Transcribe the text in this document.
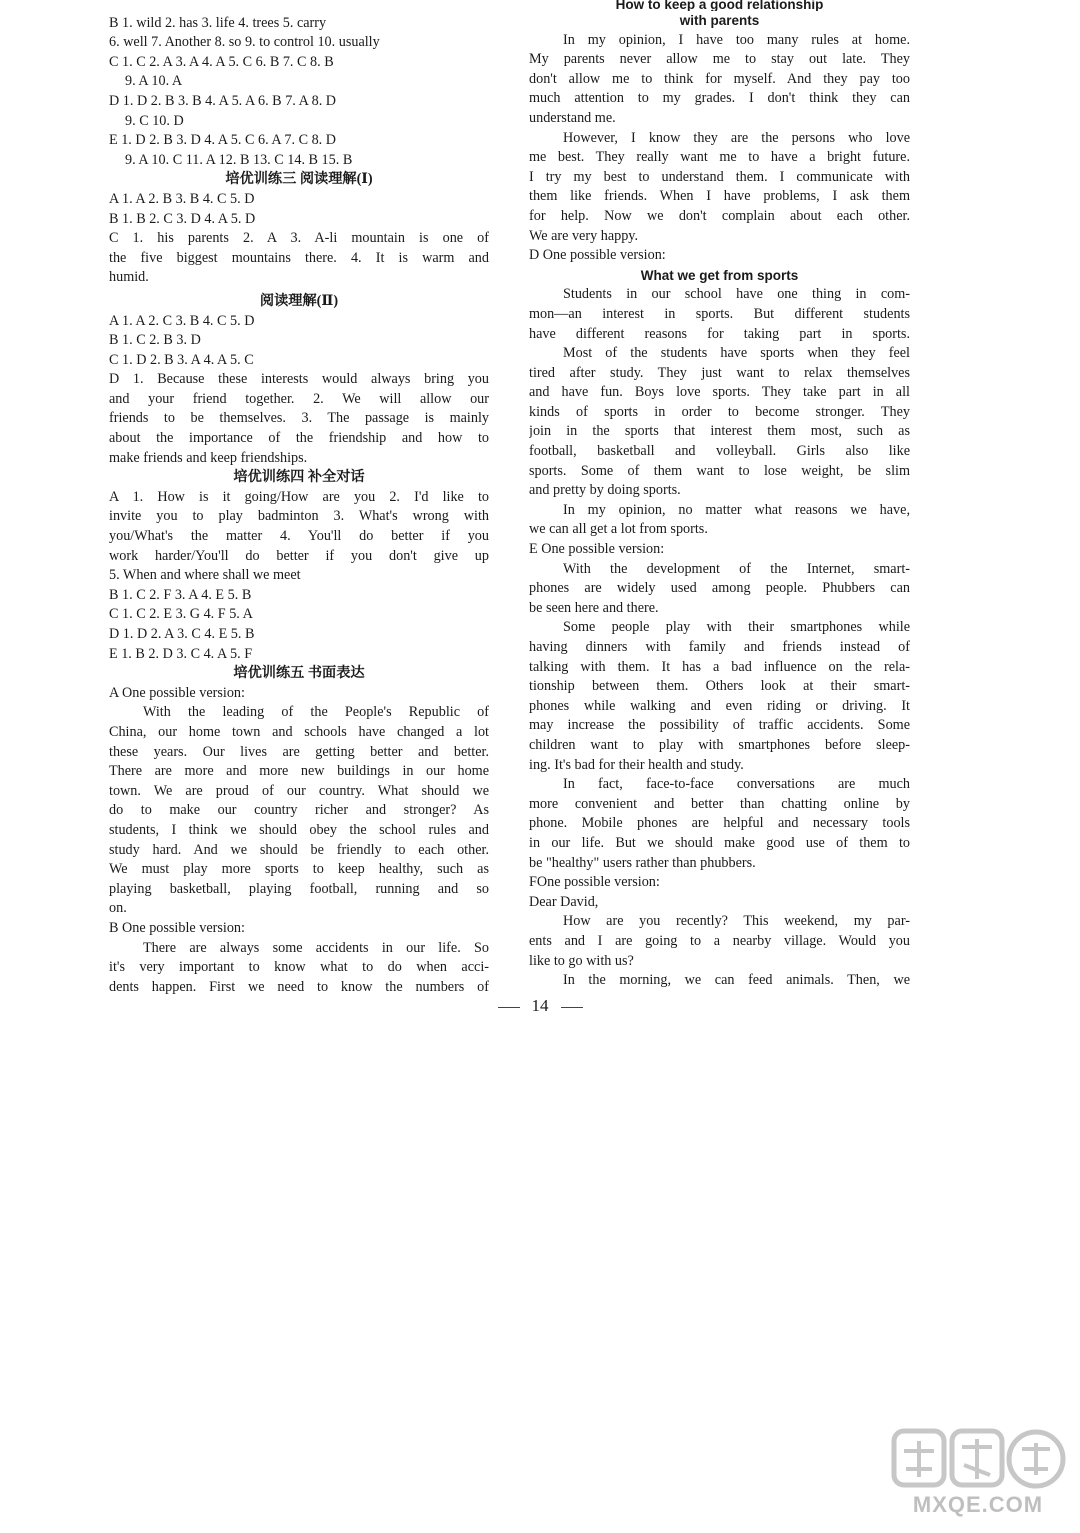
B 1. wild 2. has 3. life 4. trees 5. carry
6. well 7. Another 8. so 9. to control 10. usually
C 1. C 2. A 3. A 4. A 5. C 6. B 7. C 8. B
9. A 10. A
D 1. D 2. B 3. B 4. A 5. A 6. B 7. A 8. D
9. C 10. D
E 1. D 2. B 3. D 4. A 5. C 6. A 7. C 8. D
9. A 10. C 11. A 12. B 13. C 14. B 15. B
培优训练三 阅读理解(Ⅰ)
A 1. A 2. B 3. B 4. C 5. D
B 1. B 2. C 3. D 4. A 5. D
C 1. his parents 2. A 3. A-li mountain is one of
the five biggest mountains there. 4. It is warm and
humid.
阅读理解(Ⅱ)
A 1. A 2. C 3. B 4. C 5. D
B 1. C 2. B 3. D
C 1. D 2. B 3. A 4. A 5. C
D 1. Because these interests would always bring you
and your friend together. 2. We will allow our
friends to be themselves. 3. The passage is mainly
about the importance of the friendship and how to
make friends and keep friendships.
培优训练四 补全对话
A 1. How is it going/How are you 2. I'd like to
invite you to play badminton 3. What's wrong with
you/What's the matter 4. You'll do better if you
work harder/You'll do better if you don't give up
5. When and where shall we meet
B 1. C 2. F 3. A 4. E 5. B
C 1. C 2. E 3. G 4. F 5. A
D 1. D 2. A 3. C 4. E 5. B
E 1. B 2. D 3. C 4. A 5. F
培优训练五 书面表达
A One possible version:
With the leading of the People's Republic of
China, our home town and schools have changed a lot
these years. Our lives are getting better and better.
There are more and more new buildings in our home
town. We are proud of our country. What should we
do to make our country richer and stronger? As
students, I think we should obey the school rules and
study hard. And we should be friendly to each other.
We must play more sports to keep healthy, such as
playing basketball, playing football, running and so
on.
B One possible version:
There are always some accidents in our life. So
it's very important to know what to do when acci-
dents happen. First we need to know the numbers of
How to keep a good relationship
with parents
In my opinion, I have too many rules at home.
My parents never allow me to stay out late. They
don't allow me to think for myself. And they pay too
much attention to my grades. I don't think they can
understand me.
However, I know they are the persons who love
me best. They really want me to have a bright future.
I try my best to understand them. I communicate with
them like friends. When I have problems, I ask them
for help. Now we don't complain about each other.
We are very happy.
D One possible version:
What we get from sports
Students in our school have one thing in com-
mon—an interest in sports. But different students
have different reasons for taking part in sports.
Most of the students have sports when they feel
tired after study. They just want to relax themselves
and have fun. Boys love sports. They take part in all
kinds of sports in order to become stronger. They
join in the sports that interest them most, such as
football, basketball and volleyball. Girls also like
sports. Some of them want to lose weight, be slim
and pretty by doing sports.
In my opinion, no matter what reasons we have,
we can all get a lot from sports.
E One possible version:
With the development of the Internet, smart-
phones are widely used among people. Phubbers can
be seen here and there.
Some people play with their smartphones while
having dinners with family and friends instead of
talking with them. It has a bad influence on the rela-
tionship between them. Others look at their smart-
phones while walking and even riding or driving. It
may increase the possibility of traffic accidents. Some
children want to play with smartphones before sleep-
ing. It's bad for their health and study.
In fact, face-to-face conversations are much
more convenient and better than chatting online by
phone. Mobile phones are helpful and necessary tools
in our life. But we should make good use of them to
be "healthy" users rather than phubbers.
FOne possible version:
Dear David,
How are you recently? This weekend, my par-
ents and I are going to a nearby village. Would you
like to go with us?
In the morning, we can feed animals. Then, we
14
MXQE.COM
